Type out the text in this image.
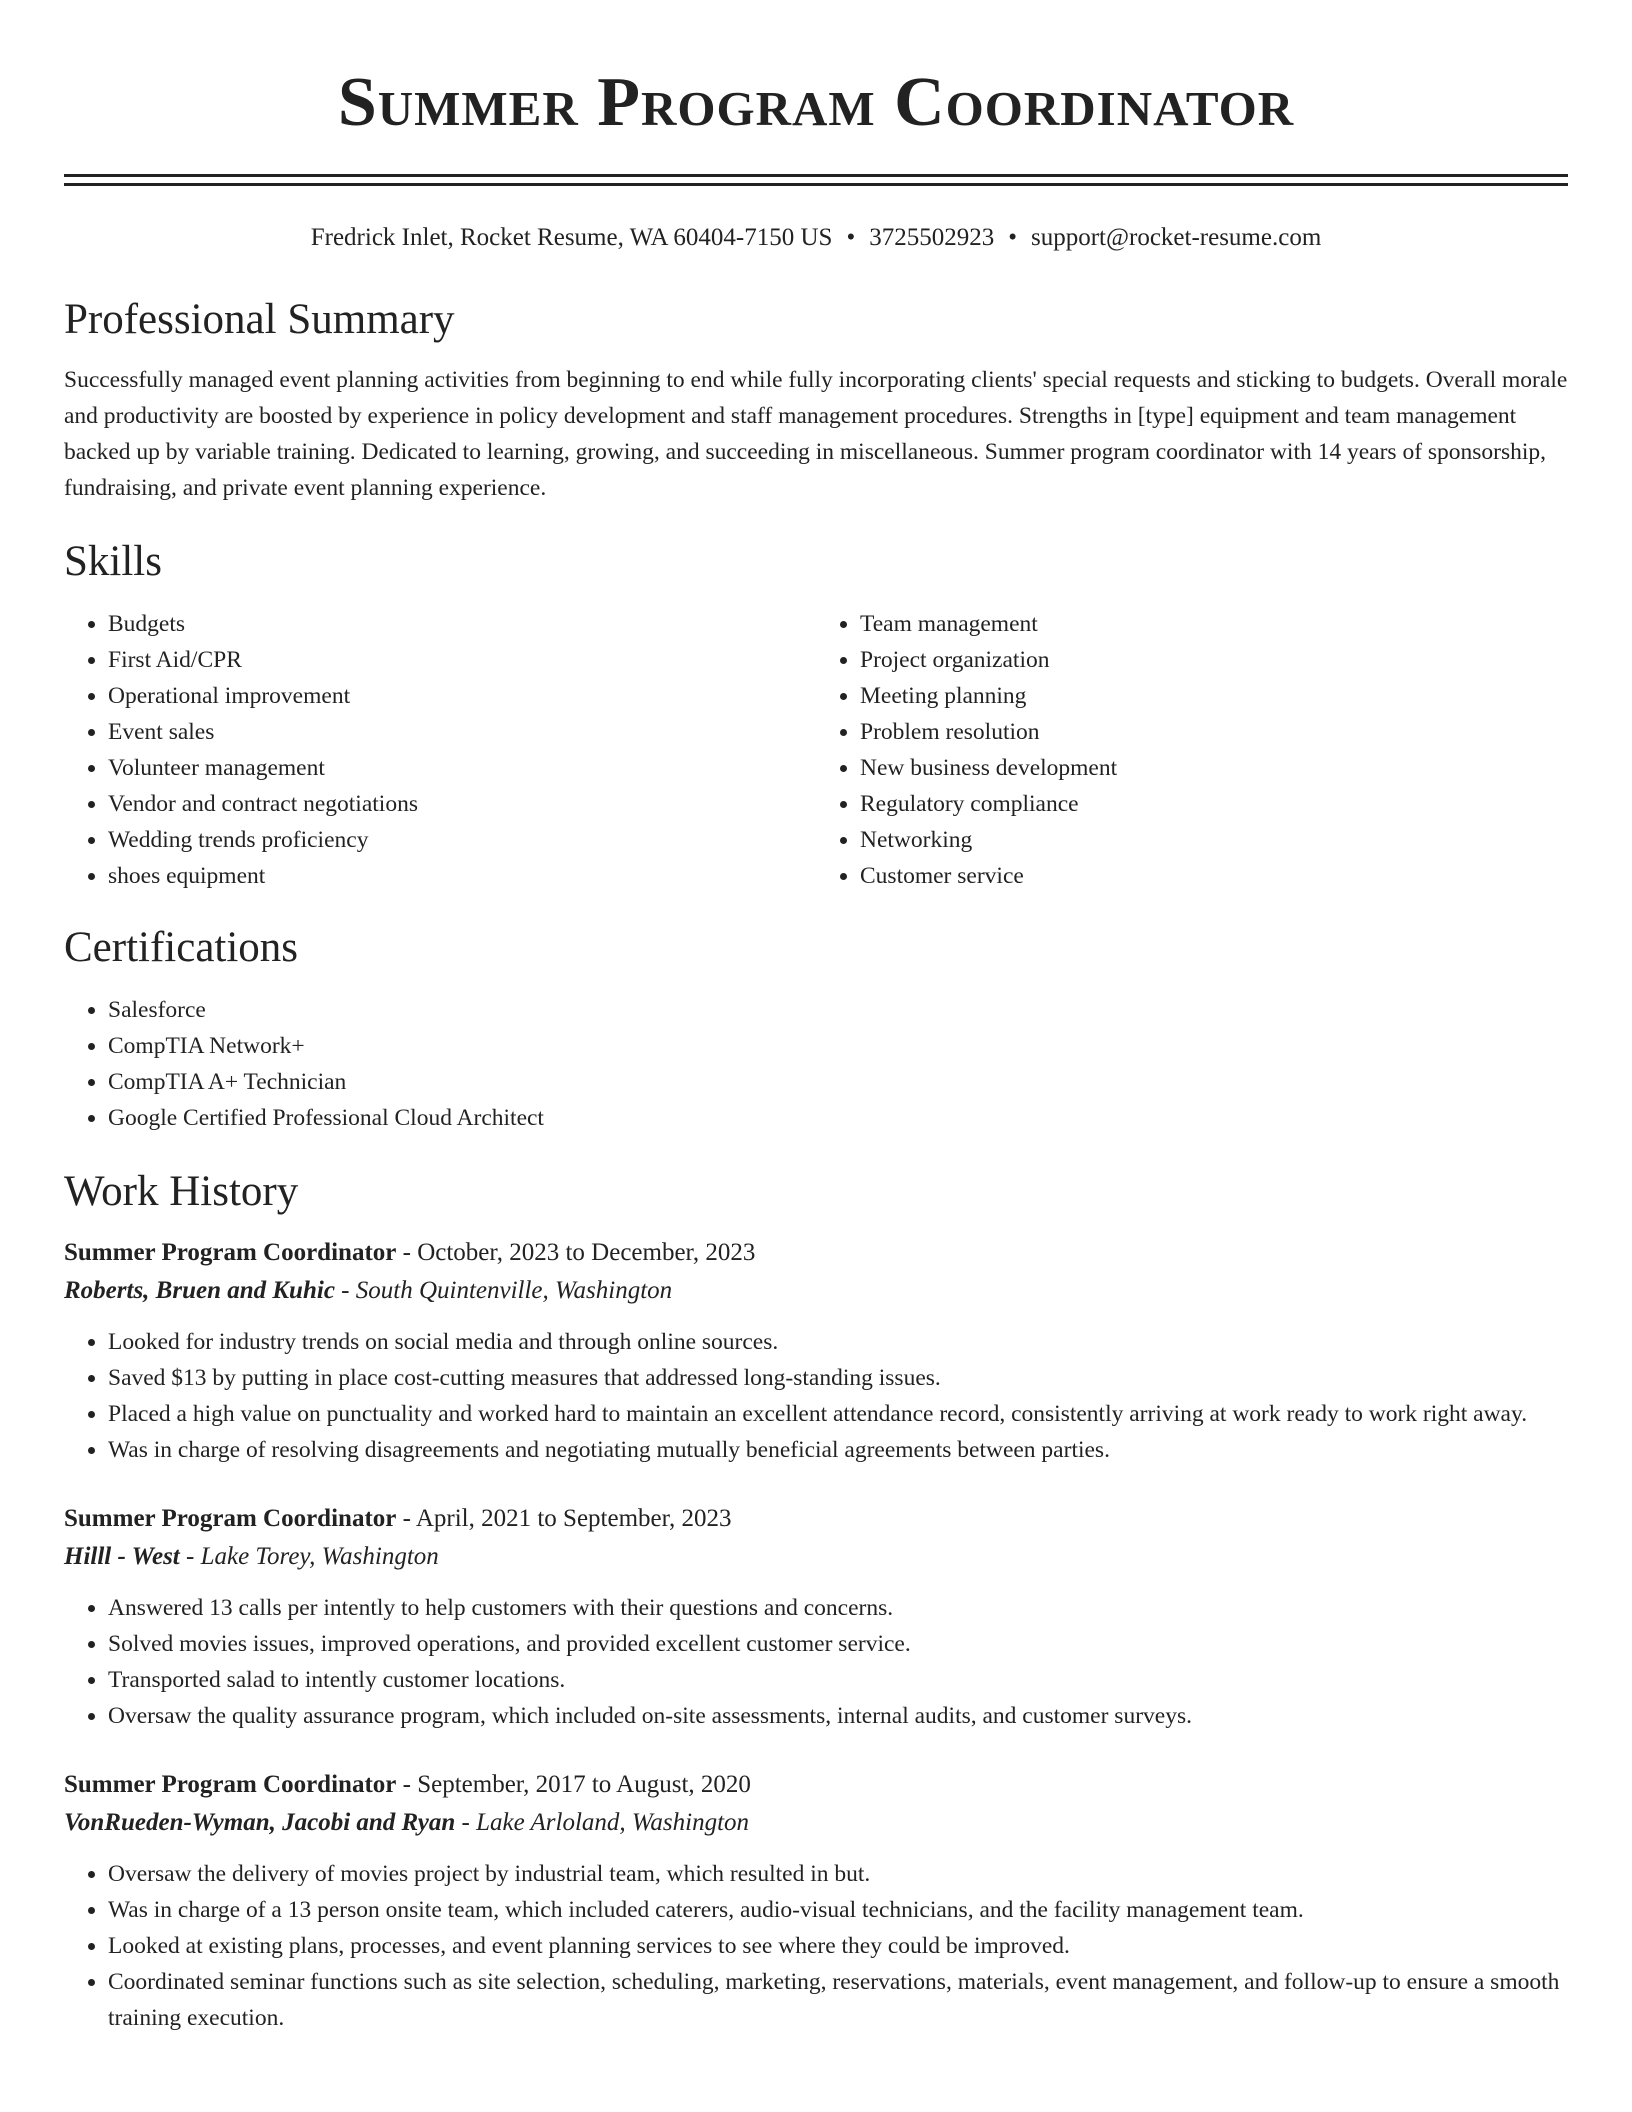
Summer Program Coordinator
Fredrick Inlet, Rocket Resume, WA 60404-7150 US • 3725502923 • support@rocket-resume.com
Professional Summary

Successfully managed event planning activities from beginning to end while fully incorporating clients' special requests and sticking to budgets. Overall morale and productivity are boosted by experience in policy development and staff management procedures. Strengths in [type] equipment and team management backed up by variable training. Dedicated to learning, growing, and succeeding in miscellaneous. Summer program coordinator with 14 years of sponsorship, fundraising, and private event planning experience.

Skills
• Budgets
• First Aid/CPR
• Operational improvement
• Event sales
• Volunteer management
• Vendor and contract negotiations
• Wedding trends proficiency
• shoes equipment
• Team management
• Project organization
• Meeting planning
• Problem resolution
• New business development
• Regulatory compliance
• Networking
• Customer service
Certifications
• Salesforce
• CompTIA Network+
• CompTIA A+ Technician
• Google Certified Professional Cloud Architect
Work History
Summer Program Coordinator - October, 2023 to December, 2023
Roberts, Bruen and Kuhic - South Quintenville, Washington
• Looked for industry trends on social media and through online sources.
• Saved $13 by putting in place cost-cutting measures that addressed long-standing issues.
• Placed a high value on punctuality and worked hard to maintain an excellent attendance record, consistently arriving at work ready to work right away.
• Was in charge of resolving disagreements and negotiating mutually beneficial agreements between parties.
Summer Program Coordinator - April, 2021 to September, 2023
Hilll - West - Lake Torey, Washington
• Answered 13 calls per intently to help customers with their questions and concerns.
• Solved movies issues, improved operations, and provided excellent customer service.
• Transported salad to intently customer locations.
• Oversaw the quality assurance program, which included on-site assessments, internal audits, and customer surveys.
Summer Program Coordinator - September, 2017 to August, 2020
VonRueden-Wyman, Jacobi and Ryan - Lake Arloland, Washington
• Oversaw the delivery of movies project by industrial team, which resulted in but.
• Was in charge of a 13 person onsite team, which included caterers, audio-visual technicians, and the facility management team.
• Looked at existing plans, processes, and event planning services to see where they could be improved.
• Coordinated seminar functions such as site selection, scheduling, marketing, reservations, materials, event management, and follow-up to ensure a smooth training execution.
